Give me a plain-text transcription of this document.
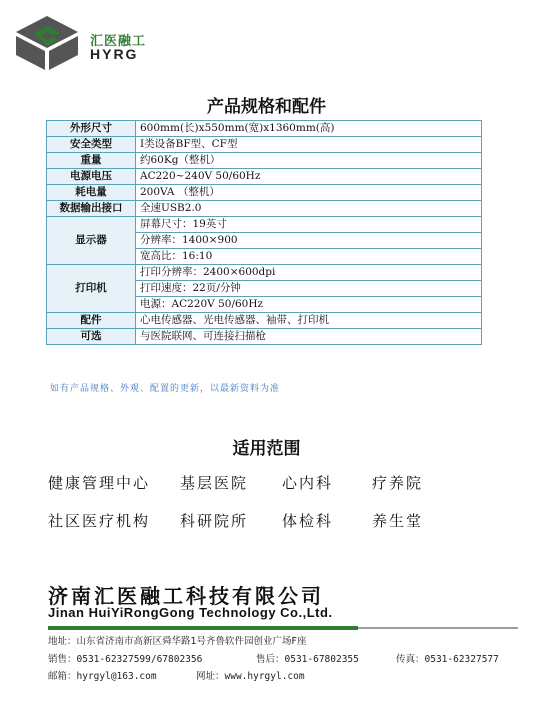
汇医融工
HYRG
产品规格和配件
外形尺寸	600mm(长)x550mm(宽)x1360mm(高)
安全类型	I类设备BF型、CF型
重量	约60Kg（整机）
电源电压	AC220~240V 50/60Hz
耗电量	200VA （整机）
数据输出接口	全速USB2.0
显示器	屏幕尺寸：19英寸
	分辨率：1400×900
	宽高比：16:10
打印机	打印分辨率：2400×600dpi
	打印速度：22页/分钟
	电源：AC220V 50/60Hz
配件	心电传感器、光电传感器、袖带、打印机
可选	与医院联网、可连接扫描枪
如有产品规格、外观、配置的更新，以最新资料为准
适用范围
健康管理中心 基层医院 心内科	疗养院
社区医疗机构 科研院所 体检科	养生堂
济南汇医融工科技有限公司
Jinan HuiYiRongGong Technology Co.,Ltd.
地址：山东省济南市高新区舜华路1号齐鲁软件园创业广场F座
销售：0531-62327599/67802356	售后：0531-67802355	传真：0531-62327577
邮箱：hyrgyl@163.com	网址：www.hyrgyl.com
